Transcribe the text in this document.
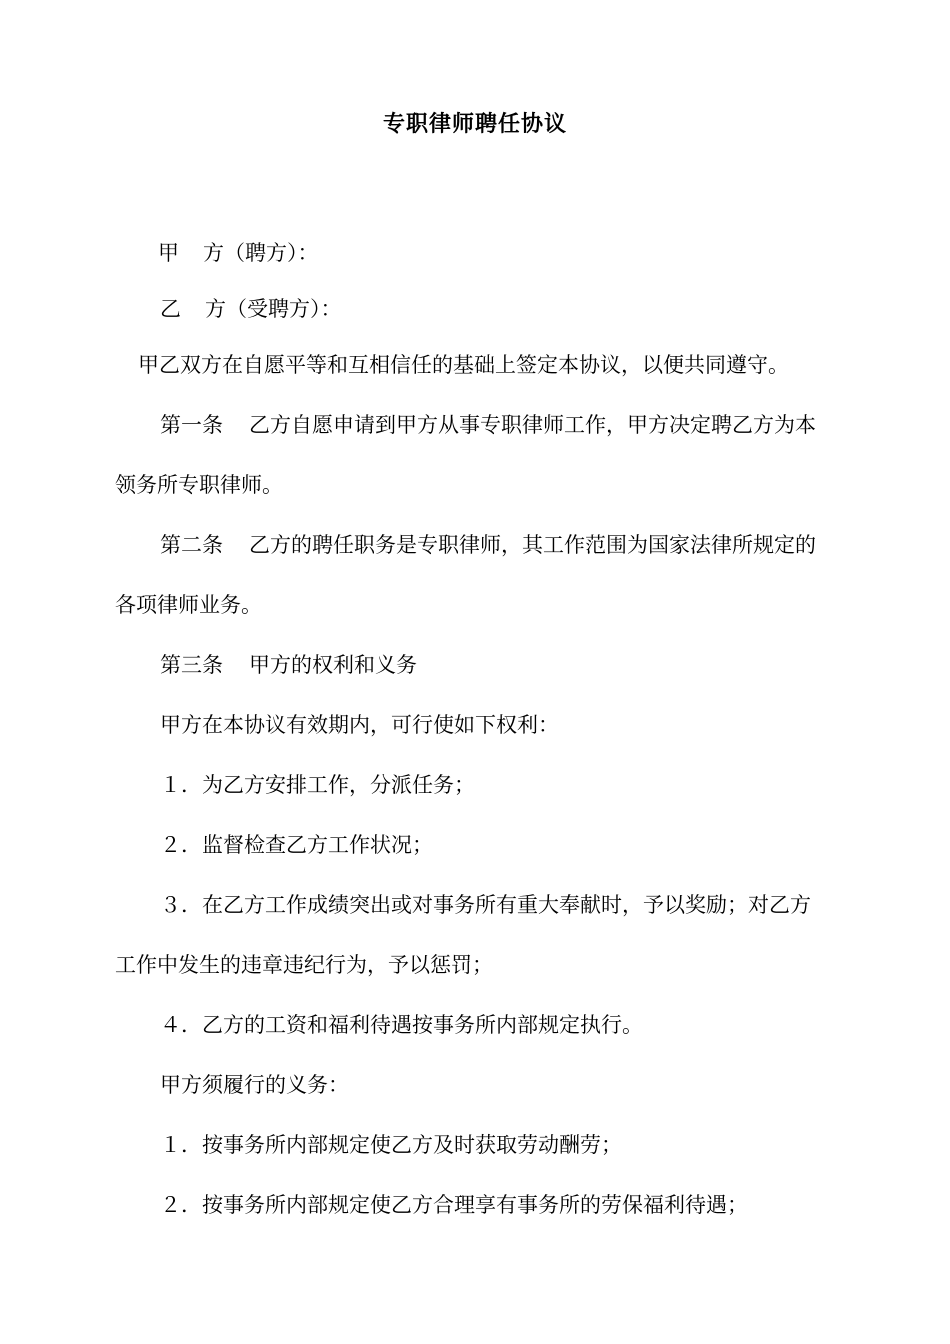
专职律师聘任协议
甲 方（聘方）：
乙 方（受聘方）：
甲乙双方在自愿平等和互相信任的基础上签定本协议，以便共同遵守。
第一条 乙方自愿申请到甲方从事专职律师工作，甲方决定聘乙方为本
领务所专职律师。
第二条 乙方的聘任职务是专职律师，其工作范围为国家法律所规定的
各项律师业务。
第三条 甲方的权利和义务
甲方在本协议有效期内，可行使如下权利：
１．为乙方安排工作，分派任务；
２．监督检查乙方工作状况；
３．在乙方工作成绩突出或对事务所有重大奉献时，予以奖励；对乙方
工作中发生的违章违纪行为，予以惩罚；
４．乙方的工资和福利待遇按事务所内部规定执行。
甲方须履行的义务：
１．按事务所内部规定使乙方及时获取劳动酬劳；
２．按事务所内部规定使乙方合理享有事务所的劳保福利待遇；
